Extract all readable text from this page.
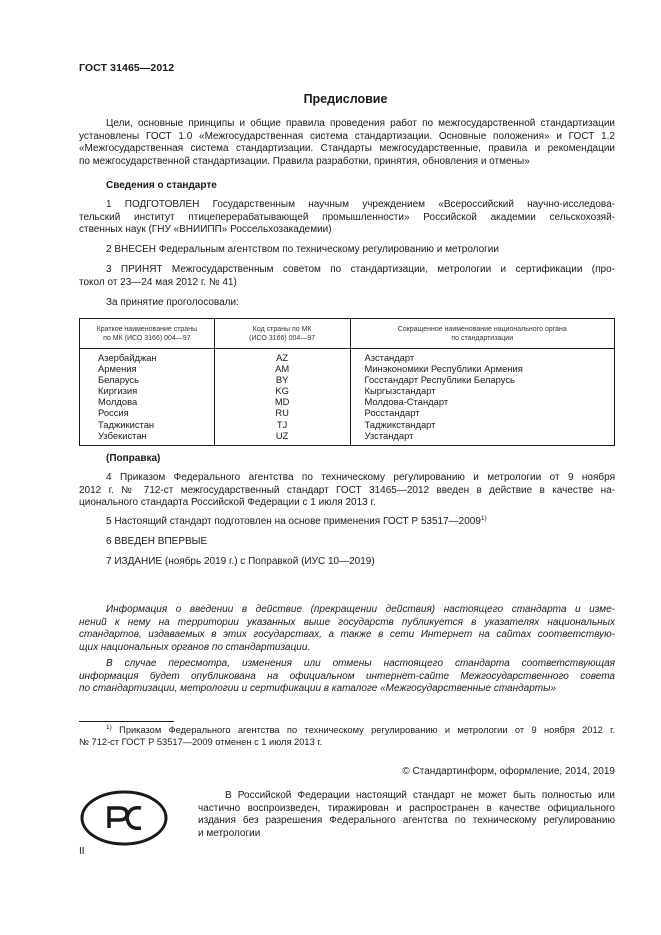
ГОСТ 31465—2012
Предисловие
Цели, основные принципы и общие правила проведения работ по межгосударственной стандартизации
установлены ГОСТ 1.0 «Межгосударственная система стандартизации. Основные положения» и ГОСТ 1.2
«Межгосударственная система стандартизации. Стандарты межгосударственные, правила и рекомендации
по межгосударственной стандартизации. Правила разработки, принятия, обновления и отмены»
Сведения о стандарте
1 ПОДГОТОВЛЕН Государственным научным учреждением «Всероссийский научно-исследова-
тельский институт птицеперерабатывающей промышленности» Российской академии сельскохозяй-
ственных наук (ГНУ «ВНИИПП» Россельхозакадемии)
2 ВНЕСЕН Федеральным агентством по техническому регулированию и метрологии
3 ПРИНЯТ Межгосударственным советом по стандартизации, метрологии и сертификации (про-
токол от 23—24 мая 2012 г. № 41)
За принятие проголосовали:
Краткое наименование страны
по МК (ИСО 3166) 004—97
Код страны по МК
(ИСО 3166) 004—97
Сокращенное наименование национального органа
по стандартизации
Азербайджан
Армения
Беларусь
Киргизия
Молдова
Россия
Таджикистан
Узбекистан
AZ
AM
BY
KG
MD
RU
TJ
UZ
Азстандарт
Минэкономики Республики Армения
Госстандарт Республики Беларусь
Кыргызстандарт
Молдова-Стандарт
Росстандарт
Таджикстандарт
Узстандарт
(Поправка)
4 Приказом Федерального агентства по техническому регулированию и метрологии от 9 ноября
2012 г. № 712-ст межгосударственный стандарт ГОСТ 31465—2012 введен в действие в качестве на-
ционального стандарта Российской Федерации с 1 июля 2013 г.
5 Настоящий стандарт подготовлен на основе применения ГОСТ Р 53517—2009$^{1)}$
6 ВВЕДЕН ВПЕРВЫЕ
7 ИЗДАНИЕ (ноябрь 2019 г.) с Поправкой (ИУС 10—2019)
Информация о введении в действие (прекращении действия) настоящего стандарта и изме-
нений к нему на территории указанных выше государств публикуется в указателях национальных
стандартов, издаваемых в этих государствах, а также в сети Интернет на сайтах соответствую-
щих национальных органов по стандартизации.
В случае пересмотра, изменения или отмены настоящего стандарта соответствующая
информация будет опубликована на официальном интернет-сайте Межгосударственного совета
по стандартизации, метрологии и сертификации в каталоге «Межгосударственные стандарты»
$^{1)}$ Приказом Федерального агентства по техническому регулированию и метрологии от 9 ноября 2012 г.
№ 712-ст ГОСТ Р 53517—2009 отменен с 1 июля 2013 г.
© Стандартинформ, оформление, 2014, 2019
В Российской Федерации настоящий стандарт не может быть полностью или
частично воспроизведен, тиражирован и распространен в качестве официального
издания без разрешения Федерального агентства по техническому регулированию
и метрологии
II
